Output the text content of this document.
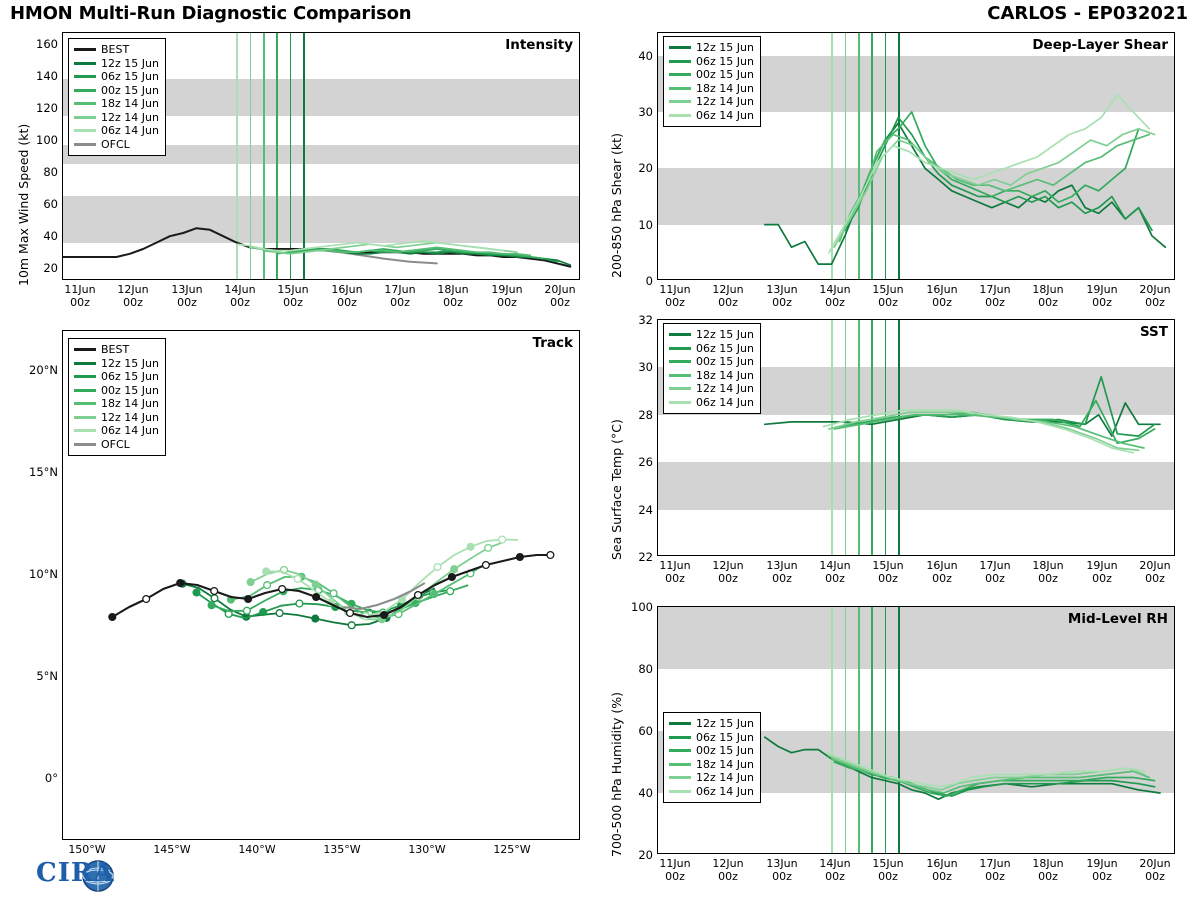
HMON Multi-Run Diagnostic Comparison	CARLOS - EP032021
10m Max Wind Speed (kt)
Intensity
20
40
60
80
100
120
140
160
11Jun
00z
12Jun
00z
13Jun
00z
14Jun
00z
15Jun
00z
16Jun
00z
17Jun
00z
18Jun
00z
19Jun
00z
20Jun
00z
BEST
12z 15 Jun
06z 15 Jun
00z 15 Jun
18z 14 Jun
12z 14 Jun
06z 14 Jun
OFCL
Track
0°
5°N
10°N
15°N
20°N
150°W	145°W	140°W	135°W	130°W	125°W
BEST
12z 15 Jun
06z 15 Jun
00z 15 Jun
18z 14 Jun
12z 14 Jun
06z 14 Jun
OFCL
200-850 hPa Shear (kt)
Deep-Layer Shear
0
10
20
30
40
11Jun
00z
12Jun
00z
13Jun
00z
14Jun
00z
15Jun
00z
16Jun
00z
17Jun
00z
18Jun
00z
19Jun
00z
20Jun
00z
12z 15 Jun
06z 15 Jun
00z 15 Jun
18z 14 Jun
12z 14 Jun
06z 14 Jun
Sea Surface Temp (°C)
SST
22
24
26
28
30
32
11Jun
00z
12Jun
00z
13Jun
00z
14Jun
00z
15Jun
00z
16Jun
00z
17Jun
00z
18Jun
00z
19Jun
00z
20Jun
00z
12z 15 Jun
06z 15 Jun
00z 15 Jun
18z 14 Jun
12z 14 Jun
06z 14 Jun
700-500 hPa Humidity (%)
Mid-Level RH
20
40
60
80
100
11Jun
00z
12Jun
00z
13Jun
00z
14Jun
00z
15Jun
00z
16Jun
00z
17Jun
00z
18Jun
00z
19Jun
00z
20Jun
00z
12z 15 Jun
06z 15 Jun
00z 15 Jun
18z 14 Jun
12z 14 Jun
06z 14 Jun
CIRA
